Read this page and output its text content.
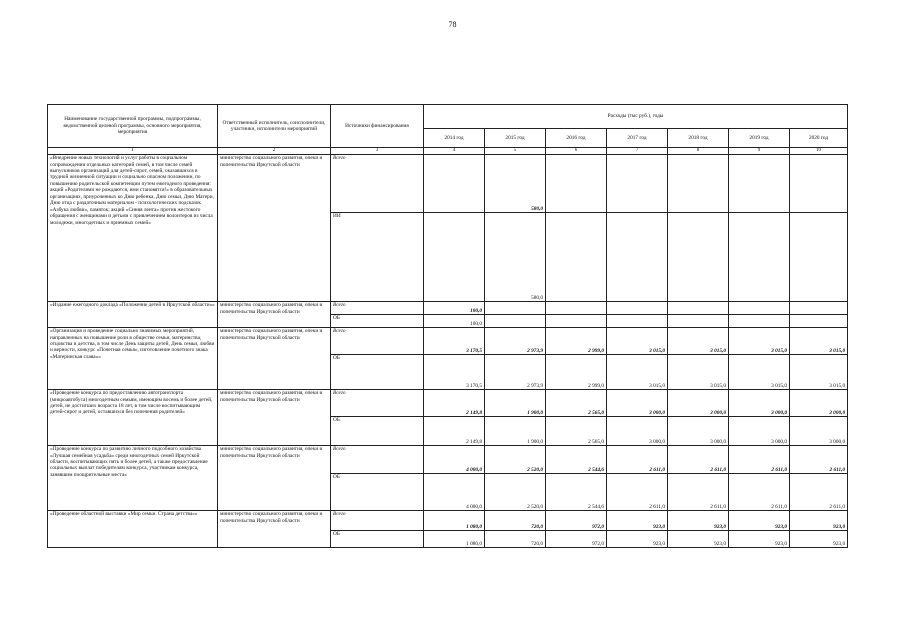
78
Наименование государственной программы, подпрограммы, ведомственной целевой программы, основного мероприятия, мероприятия	Ответственный исполнитель, соисполнители, участники, исполнители мероприятий	Источники финансирования	Расходы (тыс руб.), годы						
			2014 год	2015 год	2016 год	2017 год	2018 год	2019 год	2020 год
1	2	3	4	5	6	7	8	9	10
«Внедрение новых технологий и услуг работы в социальном сопровождении отдельных категорий семей, в том числе семей выпускников организаций для детей-сирот, семей, оказавшихся в трудной жизненной ситуации и социально опасном положении, по повышению родительской компетенции путем ежегодного проведения: акций «Родителями не рождаются, ими становятся!» в образовательных организациях, приуроченных ко Дню ребенка, Дню семьи, Дню Матери, Дню отца с раздаточным материалом - психологических подсказок «Азбука любви», памяток; акций «Синяя лента» против жестокого обращения с женщинами и детьми с привлечением волонтеров из числа молодежи, многодетных и приемных семей»	министерство социального развития, опеки и попечительства Иркутской области	Всего		580,0					
		ИИ		580,0					
«Издание ежегодного доклада «Положение детей в Иркутской области»»	министерство социального развития, опеки и попечительства Иркутской области	Всего	100,0						
		ОБ	100,0						
«Организация и проведение социально значимых мероприятий, направленных на повышение роли в обществе семьи, материнства, отцовства и детства, в том числе День защиты детей, День семьи, любви и верности, конкурс «Почетная семья», изготовление почетного знака «Материнская слава»»	министерство социального развития, опеки и попечительства Иркутской области	Всего	3 170,5	2 973,9	2 999,0	3 015,0	3 015,0	3 015,0	3 015,0
		ОБ	3 170,5	2 973,9	2 999,0	3 015,0	3 015,0	3 015,0	3 015,0
«Проведение конкурса по предоставлению автотранспорта (микроавтобуса) многодетным семьям, имеющим восемь и более детей, детей, не достигших возраста 18 лет, в том числе воспитывающим детей-сирот и детей, оставшихся без попечения родителей»	министерство социального развития, опеки и попечительства Иркутской области	Всего	2 149,8	1 900,0	2 565,0	3 000,0	3 000,0	3 000,0	3 000,0
		ОБ	2 149,8	1 900,0	2 565,0	3 000,0	3 000,0	3 000,0	3 000,0
«Проведение конкурса по развитию личного подсобного хозяйства «Лучшая семейная усадьба» среди многодетных семей Иркутской области, воспитывающих пять и более детей, а также предоставление социальных выплат победителям конкурса, участникам конкурса, занявшим поощрительные места»	министерство социального развития, опеки и попечительства Иркутской области	Всего	4 000,0	2 520,0	2 544,6	2 611,0	2 611,0	2 611,0	2 611,0
		ОБ	4 000,0	2 520,0	2 544,6	2 611,0	2 611,0	2 611,0	2 611,0
«Проведение областной выставки «Мир семьи. Страна детства»»	министерство социального развития, опеки и попечительства Иркутской области	Всего	1 080,0	720,0	972,0	923,0	923,0	923,0	923,0
		ОБ	1 080,0	720,0	972,0	923,0	923,0	923,0	923,0
